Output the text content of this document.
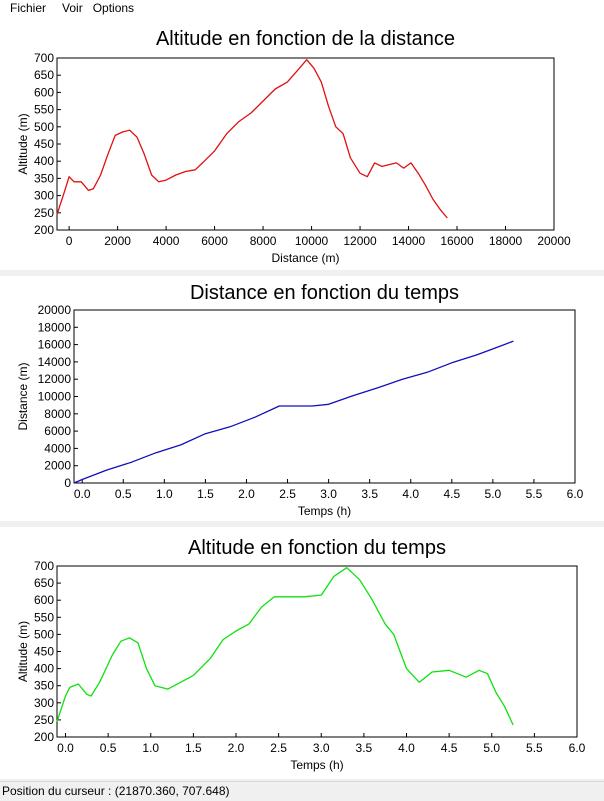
Fichier	Voir Options
Altitude en fonction de la distance
0	2000 4000 6000 8000 10000 12000 14000 16000 18000 20000
200
250
300
350
400
450
500
550
600
650
700
Distance (m)
Altitude (m)
Distance en fonction du temps
0.0 0.5 1.0 1.5 2.0 2.5 3.0 3.5 4.0 4.5 5.0 5.5 6.0
0
2000
4000
6000
8000
10000
12000
14000
16000
18000
20000
Temps (h)
Distance (m)
Altitude en fonction du temps
0.0 0.5 1.0 1.5 2.0 2.5 3.0 3.5 4.0 4.5 5.0 5.5 6.0
200
250
300
350
400
450
500
550
600
650
700
Temps (h)
Altitude (m)
Position du curseur : (21870.360, 707.648)
